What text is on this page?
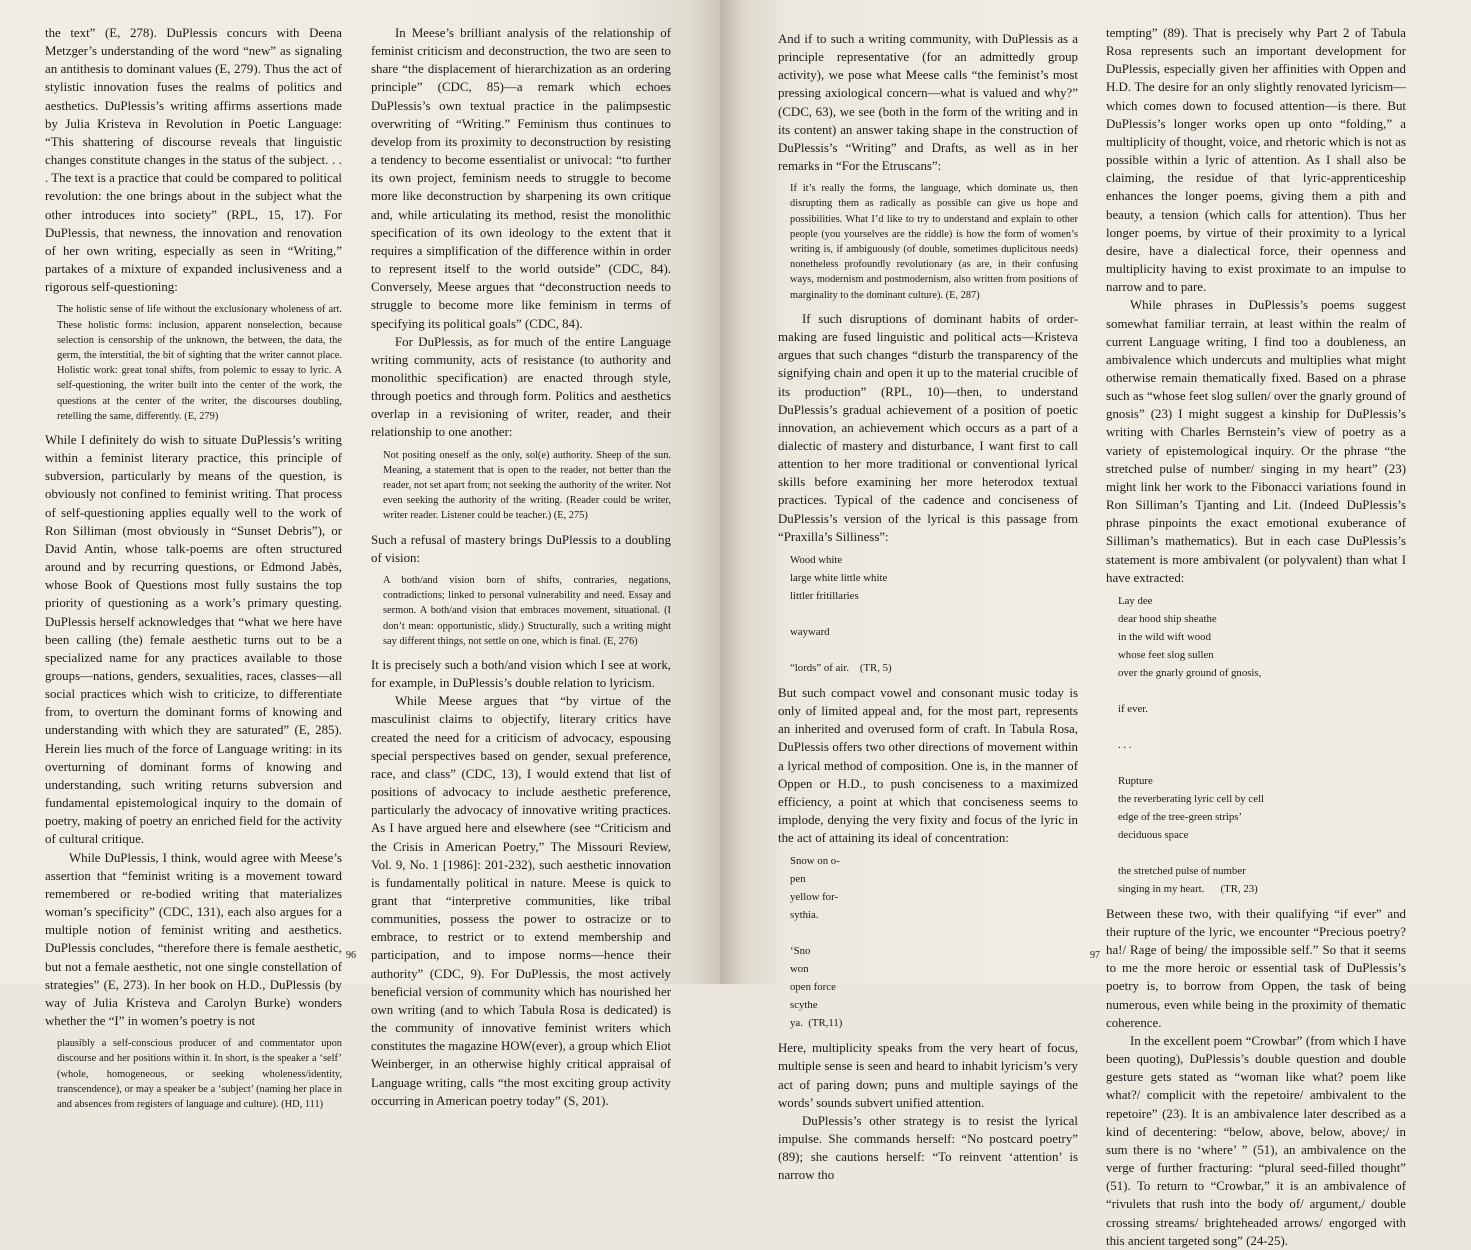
the text” (E, 278). DuPlessis concurs with Deena Metzger’s understanding of the word “new” as signaling an antithesis to dominant values (E, 279). Thus the act of stylistic innovation fuses the realms of politics and aesthetics. DuPlessis’s writing affirms assertions made by Julia Kristeva in Revolution in Poetic Language: “This shattering of discourse reveals that linguistic changes constitute changes in the status of the subject. . . . The text is a practice that could be compared to political revolution: the one brings about in the subject what the other introduces into society” (RPL, 15, 17). For DuPlessis, that newness, the innovation and renovation of her own writing, especially as seen in “Writing,” partakes of a mixture of expanded inclusiveness and a rigorous self-questioning:

The holistic sense of life without the exclusionary wholeness of art. These holistic forms: inclusion, apparent nonselection, because selection is censorship of the unknown, the between, the data, the germ, the interstitial, the bit of sighting that the writer cannot place. Holistic work: great tonal shifts, from polemic to essay to lyric. A self-questioning, the writer built into the center of the work, the questions at the center of the writer, the discourses doubling, retelling the same, differently. (E, 279)

While I definitely do wish to situate DuPlessis’s writing within a feminist literary practice, this principle of subversion, particularly by means of the question, is obviously not confined to feminist writing. That process of self-questioning applies equally well to the work of Ron Silliman (most obviously in “Sunset Debris”), or David Antin, whose talk-poems are often structured around and by recurring questions, or Edmond Jabès, whose Book of Questions most fully sustains the top priority of questioning as a work’s primary questing. DuPlessis herself acknowledges that “what we here have been calling (the) female aesthetic turns out to be a specialized name for any practices available to those groups—nations, genders, sexualities, races, classes—all social practices which wish to criticize, to differentiate from, to overturn the dominant forms of knowing and understanding with which they are saturated” (E, 285). Herein lies much of the force of Language writing: in its overturning of dominant forms of knowing and understanding, such writing returns subversion and fundamental epistemological inquiry to the domain of poetry, making of poetry an enriched field for the activity of cultural critique.

While DuPlessis, I think, would agree with Meese’s assertion that “feminist writing is a movement toward remembered or re-bodied writing that materializes woman’s specificity” (CDC, 131), each also argues for a multiple notion of feminist writing and aesthetics. DuPlessis concludes, “therefore there is female aesthetic, but not a female aesthetic, not one single constellation of strategies” (E, 273). In her book on H.D., DuPlessis (by way of Julia Kristeva and Carolyn Burke) wonders whether the “I” in women’s poetry is not

plausibly a self-conscious producer of and commentator upon discourse and her positions within it. In short, is the speaker a ‘self’ (whole, homogeneous, or seeking wholeness/identity, transcendence), or may a speaker be a ‘subject’ (naming her place in and absences from registers of language and culture). (HD, 111)

In Meese’s brilliant analysis of the relationship of feminist criticism and deconstruction, the two are seen to share “the displacement of hierarchization as an ordering principle” (CDC, 85)—a remark which echoes DuPlessis’s own textual practice in the palimpsestic overwriting of “Writing.” Feminism thus continues to develop from its proximity to deconstruction by resisting a tendency to become essentialist or univocal: “to further its own project, feminism needs to struggle to become more like deconstruction by sharpening its own critique and, while articulating its method, resist the monolithic specification of its own ideology to the extent that it requires a simplification of the difference within in order to represent itself to the world outside” (CDC, 84). Conversely, Meese argues that “deconstruction needs to struggle to become more like feminism in terms of specifying its political goals” (CDC, 84).

For DuPlessis, as for much of the entire Language writing community, acts of resistance (to authority and monolithic specification) are enacted through style, through poetics and through form. Politics and aesthetics overlap in a revisioning of writer, reader, and their relationship to one another:

Not positing oneself as the only, sol(e) authority. Sheep of the sun. Meaning, a statement that is open to the reader, not better than the reader, not set apart from; not seeking the authority of the writer. Not even seeking the authority of the writing. (Reader could be writer, writer reader. Listener could be teacher.) (E, 275)

Such a refusal of mastery brings DuPlessis to a doubling of vision:

A both/and vision born of shifts, contraries, negations, contradictions; linked to personal vulnerability and need. Essay and sermon. A both/and vision that embraces movement, situational. (I don’t mean: opportunistic, slidy.) Structurally, such a writing might say different things, not settle on one, which is final. (E, 276)

It is precisely such a both/and vision which I see at work, for example, in DuPlessis’s double relation to lyricism.

While Meese argues that “by virtue of the masculinist claims to objectify, literary critics have created the need for a criticism of advocacy, espousing special perspectives based on gender, sexual preference, race, and class” (CDC, 13), I would extend that list of positions of advocacy to include aesthetic preference, particularly the advocacy of innovative writing practices. As I have argued here and elsewhere (see “Criticism and the Crisis in American Poetry,” The Missouri Review, Vol. 9, No. 1 [1986]: 201-232), such aesthetic innovation is fundamentally political in nature. Meese is quick to grant that “interpretive communities, like tribal communities, possess the power to ostracize or to embrace, to restrict or to extend membership and participation, and to impose norms—hence their authority” (CDC, 9). For DuPlessis, the most actively beneficial version of community which has nourished her own writing (and to which Tabula Rosa is dedicated) is the community of innovative feminist writers which constitutes the magazine HOW(ever), a group which Eliot Weinberger, in an otherwise highly critical appraisal of Language writing, calls “the most exciting group activity occurring in American poetry today” (S, 201).

96

And if to such a writing community, with DuPlessis as a principle representative (for an admittedly group activity), we pose what Meese calls “the feminist’s most pressing axiological concern—what is valued and why?” (CDC, 63), we see (both in the form of the writing and in its content) an answer taking shape in the construction of DuPlessis’s “Writing” and Drafts, as well as in her remarks in “For the Etruscans”:

If it’s really the forms, the language, which dominate us, then disrupting them as radically as possible can give us hope and possibilities. What I’d like to try to understand and explain to other people (you yourselves are the riddle) is how the form of women’s writing is, if ambiguously (of double, sometimes duplicitous needs) nonetheless profoundly revolutionary (as are, in their confusing ways, modernism and postmodernism, also written from positions of marginality to the dominant culture). (E, 287)

If such disruptions of dominant habits of order-making are fused linguistic and political acts—Kristeva argues that such changes “disturb the transparency of the signifying chain and open it up to the material crucible of its production” (RPL, 10)—then, to understand DuPlessis’s gradual achievement of a position of poetic innovation, an achievement which occurs as a part of a dialectic of mastery and disturbance, I want first to call attention to her more traditional or conventional lyrical skills before examining her more heterodox textual practices. Typical of the cadence and conciseness of DuPlessis’s version of the lyrical is this passage from “Praxilla’s Silliness”:

Wood white
large white little white
littler fritillaries

wayward

“lords” of air.    (TR, 5)

But such compact vowel and consonant music today is only of limited appeal and, for the most part, represents an inherited and overused form of craft. In Tabula Rosa, DuPlessis offers two other directions of movement within a lyrical method of composition. One is, in the manner of Oppen or H.D., to push conciseness to a maximized efficiency, a point at which that conciseness seems to implode, denying the very fixity and focus of the lyric in the act of attaining its ideal of concentration:

Snow on o-
pen
yellow for-
sythia.

‘Sno
won
open force
scythe
ya.  (TR,11)

Here, multiplicity speaks from the very heart of focus, multiple sense is seen and heard to inhabit lyricism’s very act of paring down; puns and multiple sayings of the words’ sounds subvert unified attention.

DuPlessis’s other strategy is to resist the lyrical impulse. She commands herself: “No postcard poetry” (89); she cautions herself: “To reinvent ‘attention’ is narrow tho

tempting” (89). That is precisely why Part 2 of Tabula Rosa represents such an important development for DuPlessis, especially given her affinities with Oppen and H.D. The desire for an only slightly renovated lyricism—which comes down to focused attention—is there. But DuPlessis’s longer works open up onto “folding,” a multiplicity of thought, voice, and rhetoric which is not as possible within a lyric of attention. As I shall also be claiming, the residue of that lyric-apprenticeship enhances the longer poems, giving them a pith and beauty, a tension (which calls for attention). Thus her longer poems, by virtue of their proximity to a lyrical desire, have a dialectical force, their openness and multiplicity having to exist proximate to an impulse to narrow and to pare.

While phrases in DuPlessis’s poems suggest somewhat familiar terrain, at least within the realm of current Language writing, I find too a doubleness, an ambivalence which undercuts and multiplies what might otherwise remain thematically fixed. Based on a phrase such as “whose feet slog sullen/ over the gnarly ground of gnosis” (23) I might suggest a kinship for DuPlessis’s writing with Charles Bernstein’s view of poetry as a variety of epistemological inquiry. Or the phrase “the stretched pulse of number/ singing in my heart” (23) might link her work to the Fibonacci variations found in Ron Silliman’s Tjanting and Lit. (Indeed DuPlessis’s phrase pinpoints the exact emotional exuberance of Silliman’s mathematics). But in each case DuPlessis’s statement is more ambivalent (or polyvalent) than what I have extracted:

Lay dee
dear hood ship sheathe
in the wild wift wood
whose feet slog sullen
over the gnarly ground of gnosis,

if ever.

. . .

Rupture
the reverberating lyric cell by cell
edge of the tree-green strips’
deciduous space

the stretched pulse of number
singing in my heart.      (TR, 23)

Between these two, with their qualifying “if ever” and their rupture of the lyric, we encounter “Precious poetry? ha!/ Rage of being/ the impossible self.” So that it seems to me the more heroic or essential task of DuPlessis’s poetry is, to borrow from Oppen, the task of being numerous, even while being in the proximity of thematic coherence.

In the excellent poem “Crowbar” (from which I have been quoting), DuPlessis’s double question and double gesture gets stated as “woman like what? poem like what?/ complicit with the repetoire/ ambivalent to the repetoire” (23). It is an ambivalence later described as a kind of decentering: “below, above, below, above;/ in sum there is no ‘where’ ” (51), an ambivalence on the verge of further fracturing: “plural seed-filled thought” (51). To return to “Crowbar,” it is an ambivalence of “rivulets that rush into the body of/ argument,/ double crossing streams/ brighteheaded arrows/ engorged with this ancient targeted song” (24-25).

97
